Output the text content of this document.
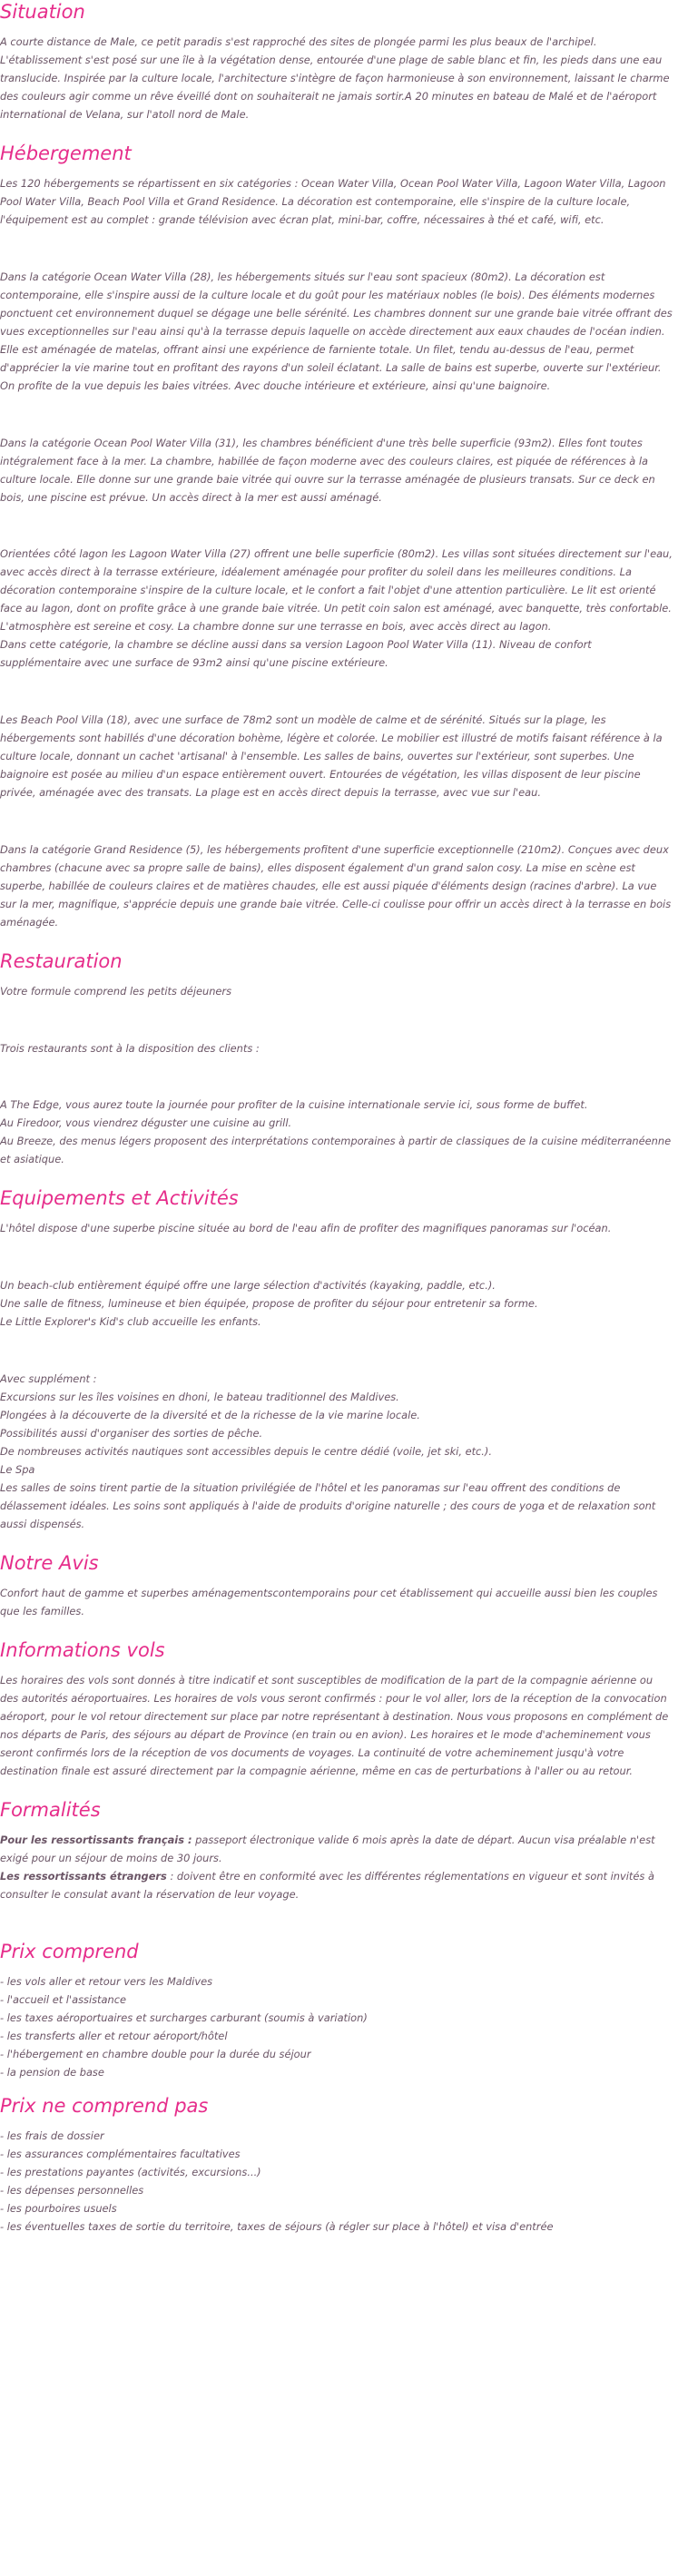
Situation

A courte distance de Male, ce petit paradis s'est rapproché des sites de plongée parmi les plus beaux de l'archipel. L'établissement s'est posé sur une île à la végétation dense, entourée d'une plage de sable blanc et fin, les pieds dans une eau translucide. Inspirée par la culture locale, l'architecture s'intègre de façon harmonieuse à son environnement, laissant le charme des couleurs agir comme un rêve éveillé dont on souhaiterait ne jamais sortir.A 20 minutes en bateau de Malé et de l'aéroport international de Velana, sur l'atoll nord de Male.

Hébergement

Les 120 hébergements se répartissent en six catégories : Ocean Water Villa, Ocean Pool Water Villa, Lagoon Water Villa, Lagoon Pool Water Villa, Beach Pool Villa et Grand Residence. La décoration est contemporaine, elle s'inspire de la culture locale, l'équipement est au complet : grande télévision avec écran plat, mini-bar, coffre, nécessaires à thé et café, wifi, etc.

Dans la catégorie Ocean Water Villa (28), les hébergements situés sur l'eau sont spacieux (80m2). La décoration est contemporaine, elle s'inspire aussi de la culture locale et du goût pour les matériaux nobles (le bois). Des éléments modernes ponctuent cet environnement duquel se dégage une belle sérénité. Les chambres donnent sur une grande baie vitrée offrant des vues exceptionnelles sur l'eau ainsi qu'à la terrasse depuis laquelle on accède directement aux eaux chaudes de l'océan indien. Elle est aménagée de matelas, offrant ainsi une expérience de farniente totale. Un filet, tendu au-dessus de l'eau, permet d'apprécier la vie marine tout en profitant des rayons d'un soleil éclatant. La salle de bains est superbe, ouverte sur l'extérieur. On profite de la vue depuis les baies vitrées. Avec douche intérieure et extérieure, ainsi qu'une baignoire.

Dans la catégorie Ocean Pool Water Villa (31), les chambres bénéficient d'une très belle superficie (93m2). Elles font toutes intégralement face à la mer. La chambre, habillée de façon moderne avec des couleurs claires, est piquée de références à la culture locale. Elle donne sur une grande baie vitrée qui ouvre sur la terrasse aménagée de plusieurs transats. Sur ce deck en bois, une piscine est prévue. Un accès direct à la mer est aussi aménagé.

Orientées côté lagon les Lagoon Water Villa (27) offrent une belle superficie (80m2). Les villas sont situées directement sur l'eau, avec accès direct à la terrasse extérieure, idéalement aménagée pour profiter du soleil dans les meilleures conditions. La décoration contemporaine s'inspire de la culture locale, et le confort a fait l'objet d'une attention particulière. Le lit est orienté face au lagon, dont on profite grâce à une grande baie vitrée. Un petit coin salon est aménagé, avec banquette, très confortable. L'atmosphère est sereine et cosy. La chambre donne sur une terrasse en bois, avec accès direct au lagon.

Dans cette catégorie, la chambre se décline aussi dans sa version Lagoon Pool Water Villa (11). Niveau de confort supplémentaire avec une surface de 93m2 ainsi qu'une piscine extérieure.

Les Beach Pool Villa (18), avec une surface de 78m2 sont un modèle de calme et de sérénité. Situés sur la plage, les hébergements sont habillés d'une décoration bohème, légère et colorée. Le mobilier est illustré de motifs faisant référence à la culture locale, donnant un cachet 'artisanal' à l'ensemble. Les salles de bains, ouvertes sur l'extérieur, sont superbes. Une baignoire est posée au milieu d'un espace entièrement ouvert. Entourées de végétation, les villas disposent de leur piscine privée, aménagée avec des transats. La plage est en accès direct depuis la terrasse, avec vue sur l'eau.

Dans la catégorie Grand Residence (5), les hébergements profitent d'une superficie exceptionnelle (210m2). Conçues avec deux chambres (chacune avec sa propre salle de bains), elles disposent également d'un grand salon cosy. La mise en scène est superbe, habillée de couleurs claires et de matières chaudes, elle est aussi piquée d'éléments design (racines d'arbre). La vue sur la mer, magnifique, s'apprécie depuis une grande baie vitrée. Celle-ci coulisse pour offrir un accès direct à la terrasse en bois aménagée.

Restauration

Votre formule comprend les petits déjeuners

Trois restaurants sont à la disposition des clients :

A The Edge, vous aurez toute la journée pour profiter de la cuisine internationale servie ici, sous forme de buffet.

Au Firedoor, vous viendrez déguster une cuisine au grill.

Au Breeze, des menus légers proposent des interprétations contemporaines à partir de classiques de la cuisine méditerranéenne et asiatique.

Equipements et Activités

L'hôtel dispose d'une superbe piscine située au bord de l'eau afin de profiter des magnifiques panoramas sur l'océan.

Un beach-club entièrement équipé offre une large sélection d'activités (kayaking, paddle, etc.).

Une salle de fitness, lumineuse et bien équipée, propose de profiter du séjour pour entretenir sa forme.

Le Little Explorer's Kid's club accueille les enfants.

Avec supplément :

Excursions sur les îles voisines en dhoni, le bateau traditionnel des Maldives.

Plongées à la découverte de la diversité et de la richesse de la vie marine locale.

Possibilités aussi d'organiser des sorties de pêche.

De nombreuses activités nautiques sont accessibles depuis le centre dédié (voile, jet ski, etc.).

Le Spa

Les salles de soins tirent partie de la situation privilégiée de l'hôtel et les panoramas sur l'eau offrent des conditions de délassement idéales. Les soins sont appliqués à l'aide de produits d'origine naturelle ; des cours de yoga et de relaxation sont aussi dispensés.

Notre Avis

Confort haut de gamme et superbes aménagementscontemporains pour cet établissement qui accueille aussi bien les couples que les familles.

Informations vols

Les horaires des vols sont donnés à titre indicatif et sont susceptibles de modification de la part de la compagnie aérienne ou des autorités aéroportuaires. Les horaires de vols vous seront confirmés : pour le vol aller, lors de la réception de la convocation aéroport, pour le vol retour directement sur place par notre représentant à destination. Nous vous proposons en complément de nos départs de Paris, des séjours au départ de Province (en train ou en avion). Les horaires et le mode d'acheminement vous seront confirmés lors de la réception de vos documents de voyages. La continuité de votre acheminement jusqu'à votre destination finale est assuré directement par la compagnie aérienne, même en cas de perturbations à l'aller ou au retour.

Formalités

Pour les ressortissants français : passeport électronique valide 6 mois après la date de départ. Aucun visa préalable n'est exigé pour un séjour de moins de 30 jours.

Les ressortissants étrangers : doivent être en conformité avec les différentes réglementations en vigueur et sont invités à consulter le consulat avant la réservation de leur voyage.

Prix comprend

- les vols aller et retour vers les Maldives

- l'accueil et l'assistance

- les taxes aéroportuaires et surcharges carburant (soumis à variation)

- les transferts aller et retour aéroport/hôtel

- l'hébergement en chambre double pour la durée du séjour

- la pension de base

Prix ne comprend pas

- les frais de dossier

- les assurances complémentaires facultatives

- les prestations payantes (activités, excursions...)

- les dépenses personnelles

- les pourboires usuels

- les éventuelles taxes de sortie du territoire, taxes de séjours (à régler sur place à l'hôtel) et visa d'entrée
